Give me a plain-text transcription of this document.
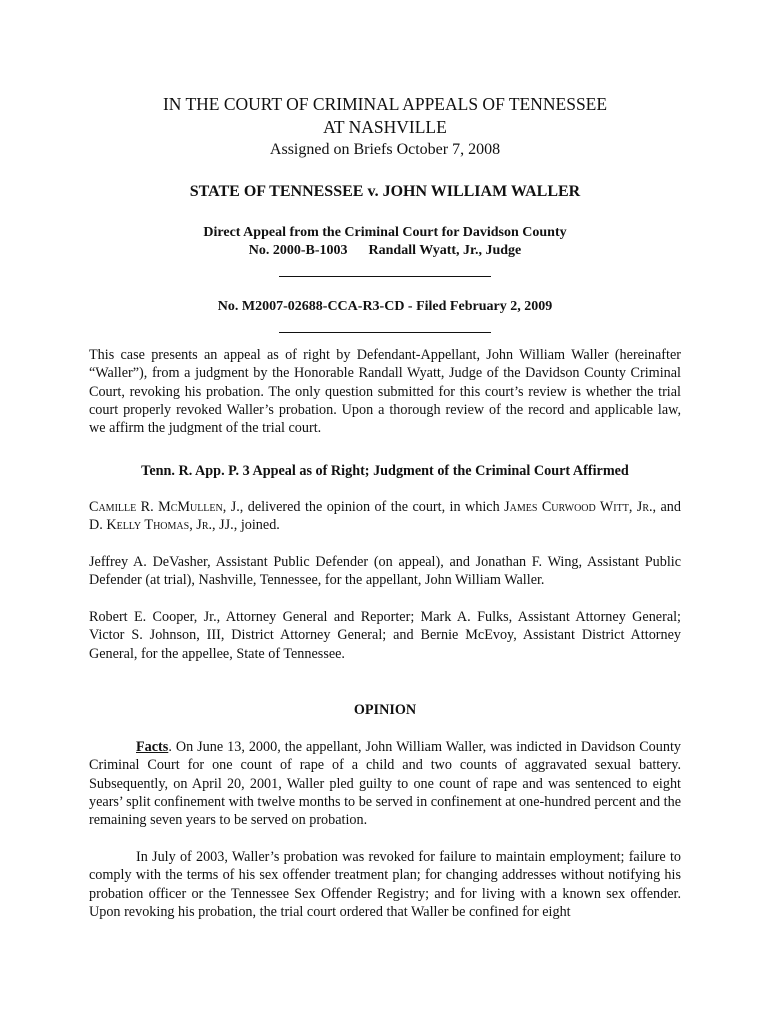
IN THE COURT OF CRIMINAL APPEALS OF TENNESSEE
AT NASHVILLE
Assigned on Briefs October 7, 2008
STATE OF TENNESSEE v. JOHN WILLIAM WALLER
Direct Appeal from the Criminal Court for Davidson County
No. 2000-B-1003      Randall Wyatt, Jr., Judge
No. M2007-02688-CCA-R3-CD - Filed February 2, 2009

This case presents an appeal as of right by Defendant-Appellant, John William Waller (hereinafter “Waller”), from a judgment by the Honorable Randall Wyatt, Judge of the Davidson County Criminal Court, revoking his probation. The only question submitted for this court’s review is whether the trial court properly revoked Waller’s probation. Upon a thorough review of the record and applicable law, we affirm the judgment of the trial court.

Tenn. R. App. P. 3 Appeal as of Right; Judgment of the Criminal Court Affirmed

Camille R. McMullen, J., delivered the opinion of the court, in which James Curwood Witt, Jr., and D. Kelly Thomas, Jr., JJ., joined.

Jeffrey A. DeVasher, Assistant Public Defender (on appeal), and Jonathan F. Wing, Assistant Public Defender (at trial), Nashville, Tennessee, for the appellant, John William Waller.

Robert E. Cooper, Jr., Attorney General and Reporter; Mark A. Fulks, Assistant Attorney General; Victor S. Johnson, III, District Attorney General; and Bernie McEvoy, Assistant District Attorney General, for the appellee, State of Tennessee.

OPINION

Facts. On June 13, 2000, the appellant, John William Waller, was indicted in Davidson County Criminal Court for one count of rape of a child and two counts of aggravated sexual battery. Subsequently, on April 20, 2001, Waller pled guilty to one count of rape and was sentenced to eight years’ split confinement with twelve months to be served in confinement at one-hundred percent and the remaining seven years to be served on probation.

In July of 2003, Waller’s probation was revoked for failure to maintain employment; failure to comply with the terms of his sex offender treatment plan; for changing addresses without notifying his probation officer or the Tennessee Sex Offender Registry; and for living with a known sex offender. Upon revoking his probation, the trial court ordered that Waller be confined for eight
